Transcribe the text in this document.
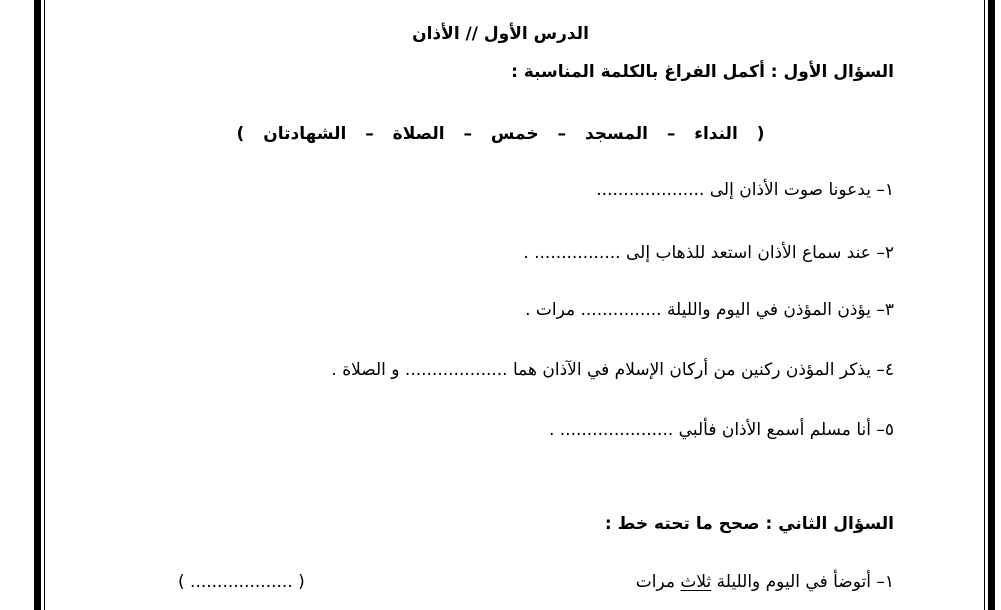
الدرس الأول // الأذان
السؤال الأول : أكمل الفراغ بالكلمة المناسبة :
( النداء – المسجد – خمس – الصلاة – الشهادتان )
١– يدعونا صوت الأذان إلى ....................
٢– عند سماع الأذان استعد للذهاب إلى ................ .
٣– يؤذن المؤذن في اليوم والليلة ............... مرات .
٤– يذكر المؤذن ركنين من أركان الإسلام في الآذان هما ................... و الصلاة .
٥– أنا مسلم أسمع الأذان فألبي ..................... .
السؤال الثاني : صحح ما تحته خط :
١– أتوضأ في اليوم والليلة ثلاث مرات
( ................... )
